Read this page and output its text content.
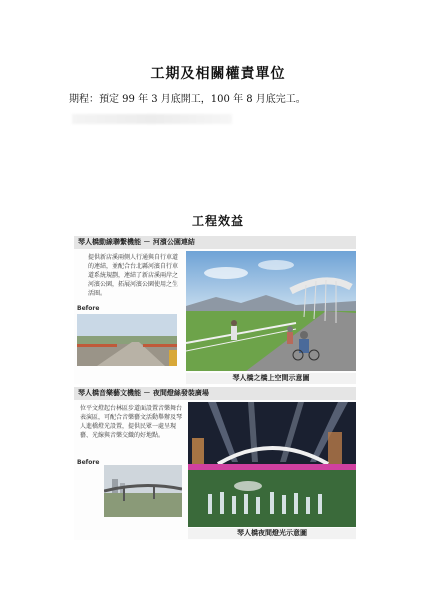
工期及相關權責單位
期程：預定 99 年 3 月底開工，100 年 8 月底完工。
工程效益
琴人橋動線聯繫機能 － 河濱公園連結
提供新店溪兩側人行通與自行車道的連結，並配合台北縣河濱自行車道系統規劃，連結了新店溪兩岸之河濱公園，拓展河濱公園使用之生活圈。
Before
琴人橋之橋上空間示意圖
琴人橋音樂藝文機能 － 夜間燈絲發裝廣場
位平文燈起台林區步道面設置音樂舞台表演區，可配合音樂藝文活動舉辦及琴人進橋燈光設置，提供民眾一處呈現藝、光線與音樂交織的好地點。
Before
琴人橋夜間燈光示意圖
